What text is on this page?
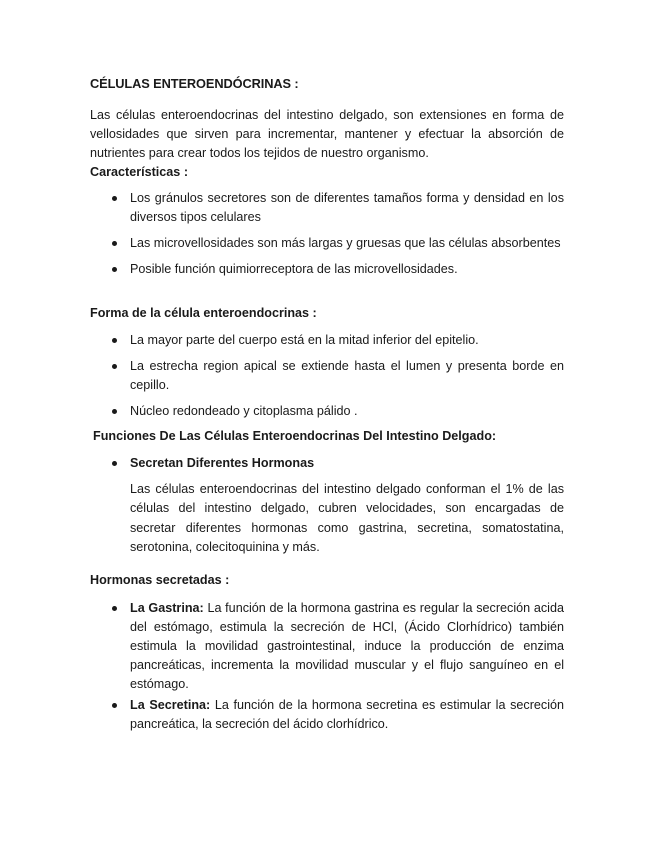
CÉLULAS ENTEROENDÓCRINAS :
Las células enteroendocrinas del intestino delgado, son extensiones en forma de vellosidades que sirven para incrementar, mantener y efectuar la absorción de nutrientes para crear todos los tejidos de nuestro organismo.
Características :
Los gránulos secretores son de diferentes tamaños forma y densidad en los diversos tipos celulares
Las microvellosidades son más largas y gruesas que las células absorbentes
Posible función quimiorreceptora de las microvellosidades.
Forma de la célula enteroendocrinas :
La mayor parte del cuerpo está en la mitad inferior del epitelio.
La estrecha region apical se extiende hasta el lumen y presenta borde en cepillo.
Núcleo redondeado y citoplasma pálido .
Funciones De Las Células Enteroendocrinas Del Intestino Delgado:
Secretan Diferentes Hormonas
Las células enteroendocrinas del intestino delgado conforman el 1% de las células del intestino delgado, cubren velocidades, son encargadas de secretar diferentes hormonas como gastrina, secretina, somatostatina, serotonina, colecitoquinina y más.
Hormonas secretadas :
La Gastrina: La función de la hormona gastrina es regular la secreción acida del estómago, estimula la secreción de HCl, (Ácido Clorhídrico) también estimula la movilidad gastrointestinal, induce la producción de enzima pancreáticas, incrementa la movilidad muscular y el flujo sanguíneo en el estómago.
La Secretina: La función de la hormona secretina es estimular la secreción pancreática, la secreción del ácido clorhídrico.
